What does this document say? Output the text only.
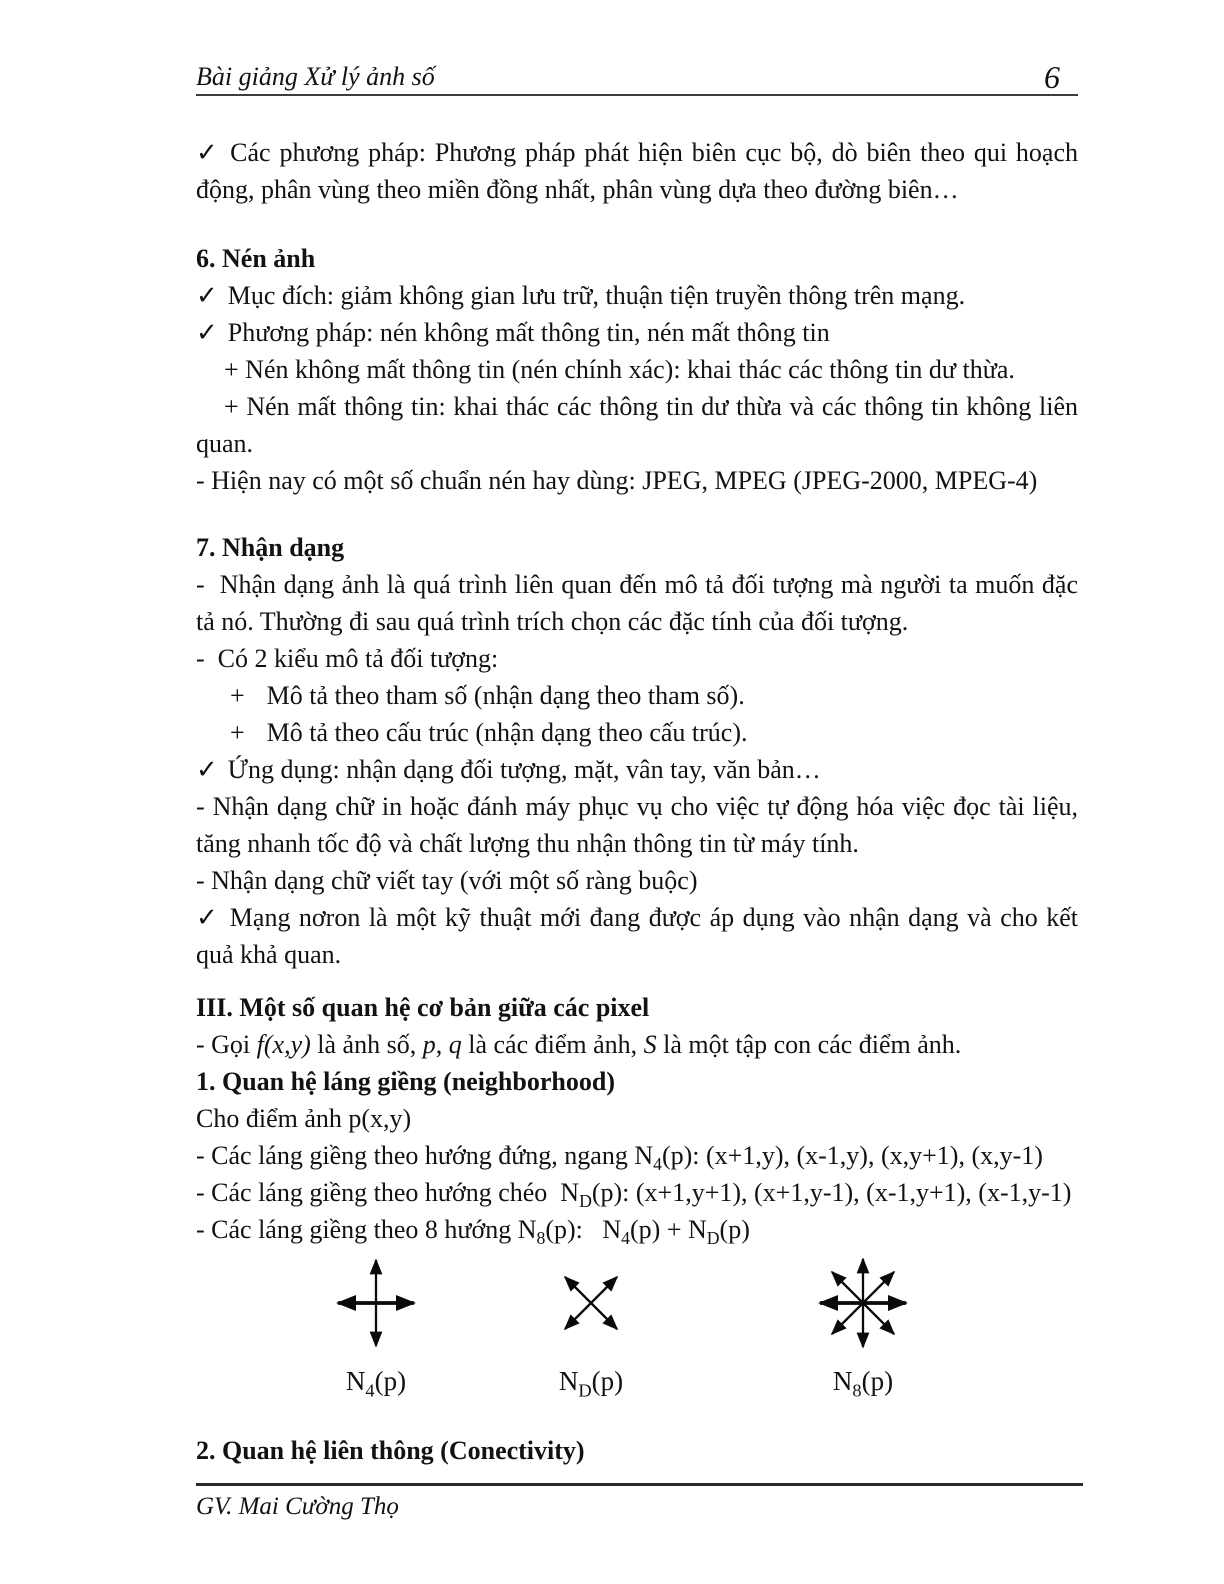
Bài giảng Xử lý ảnh số	6

✓ Các phương pháp: Phương pháp phát hiện biên cục bộ, dò biên theo qui hoạch động, phân vùng theo miền đồng nhất, phân vùng dựa theo đường biên…

6. Nén ảnh

✓ Mục đích: giảm không gian lưu trữ, thuận tiện truyền thông trên mạng.

✓ Phương pháp: nén không mất thông tin, nén mất thông tin

+ Nén không mất thông tin (nén chính xác): khai thác các thông tin dư thừa.

+ Nén mất thông tin: khai thác các thông tin dư thừa và các thông tin không liên quan.

- Hiện nay có một số chuẩn nén hay dùng: JPEG, MPEG (JPEG-2000, MPEG-4)

7. Nhận dạng

-  Nhận dạng ảnh là quá trình liên quan đến mô tả đối tượng mà người ta muốn đặc tả nó. Thường đi sau quá trình trích chọn các đặc tính của đối tượng.

-  Có 2 kiểu mô tả đối tượng:

+ Mô tả theo tham số (nhận dạng theo tham số).

+ Mô tả theo cấu trúc (nhận dạng theo cấu trúc).

✓ Ứng dụng: nhận dạng đối tượng, mặt, vân tay, văn bản…

- Nhận dạng chữ in hoặc đánh máy phục vụ cho việc tự động hóa việc đọc tài liệu, tăng nhanh tốc độ và chất lượng thu nhận thông tin từ máy tính.

- Nhận dạng chữ viết tay (với một số ràng buộc)

✓ Mạng nơron là một kỹ thuật mới đang được áp dụng vào nhận dạng và cho kết quả khả quan.

III. Một số quan hệ cơ bản giữa các pixel

- Gọi f(x,y) là ảnh số, p, q là các điểm ảnh, S là một tập con các điểm ảnh.

1. Quan hệ láng giềng (neighborhood)

Cho điểm ảnh p(x,y)

- Các láng giềng theo hướng đứng, ngang $N_4(p)$: (x+1,y), (x-1,y), (x,y+1), (x,y-1)

- Các láng giềng theo hướng chéo  $N_D(p)$: (x+1,y+1), (x+1,y-1), (x-1,y+1), (x-1,y-1)

- Các láng giềng theo 8 hướng $N_8(p)$:   $N_4(p) + N_D(p)$

$N_4(p)$	$N_D(p)$	$N_8(p)$

2. Quan hệ liên thông (Conectivity)

GV. Mai Cường Thọ
